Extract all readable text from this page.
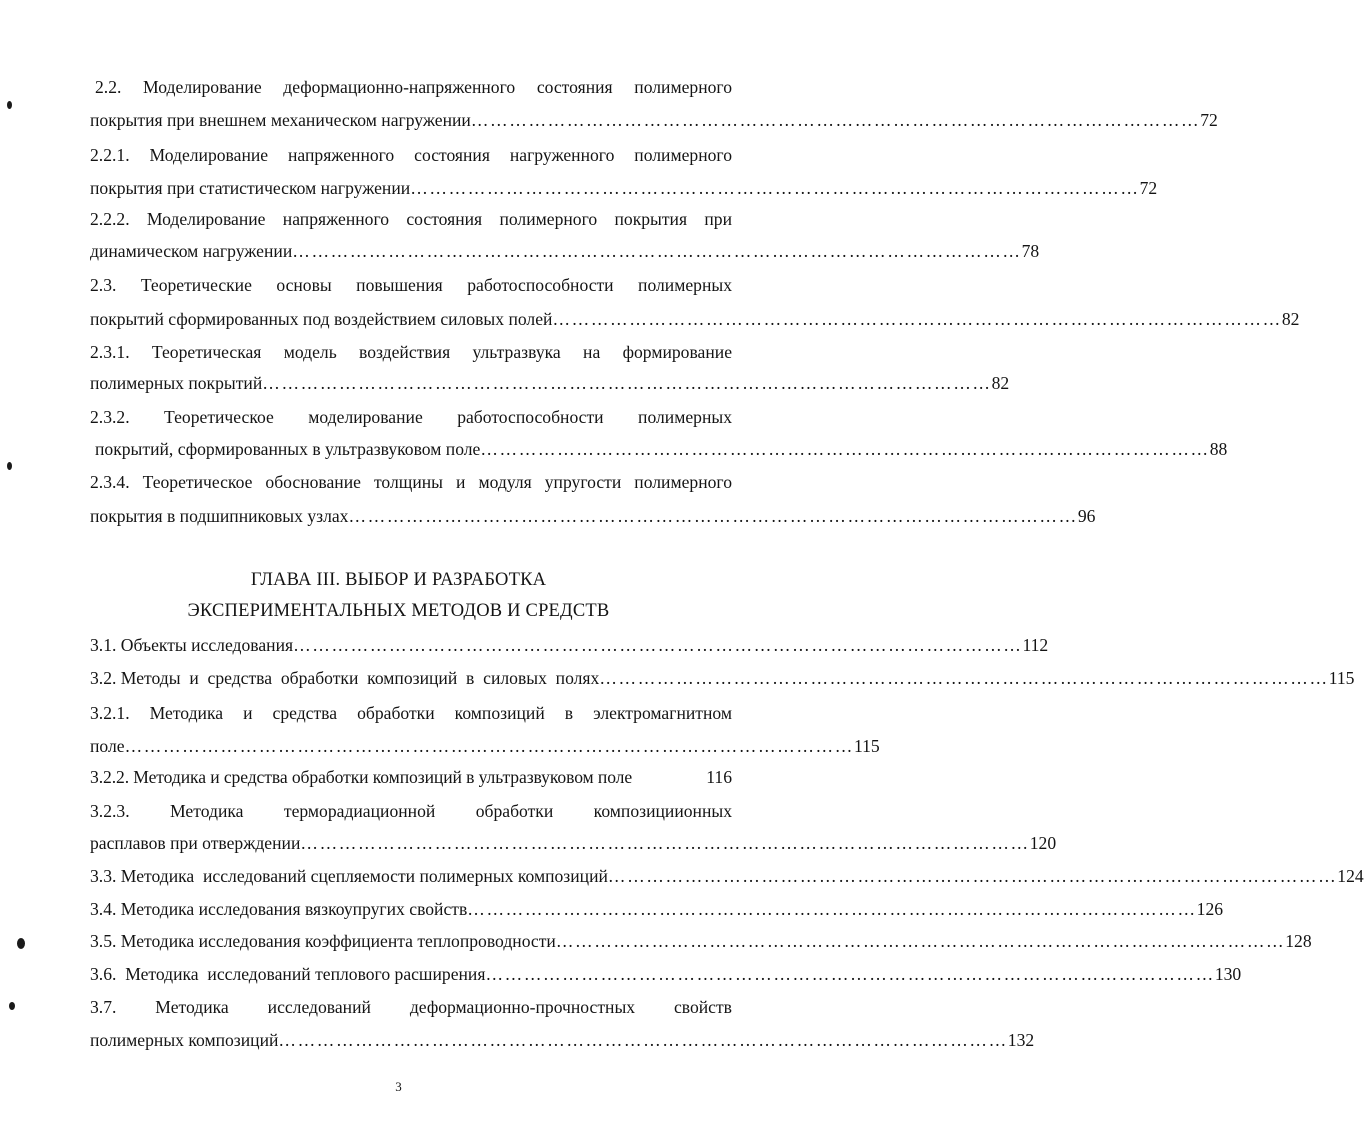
2.2. Моделирование деформационно-напряженного состояния полимерного
покрытия при внешнем механическом нагружении …………………………………………………………………………………………………… 72
2.2.1. Моделирование напряженного состояния нагруженного полимерного
покрытия при статистическом нагружении …………………………………………………………………………………………………… 72
2.2.2. Моделирование напряженного состояния полимерного покрытия при
динамическом нагружении …………………………………………………………………………………………………… 78
2.3. Теоретические основы повышения работоспособности полимерных
покрытий сформированных под воздействием силовых полей …………………………………………………………………………………………………… 82
2.3.1. Теоретическая модель воздействия ультразвука на формирование
полимерных покрытий …………………………………………………………………………………………………… 82
2.3.2. Теоретическое моделирование работоспособности полимерных
покрытий, сформированных в ультразвуковом поле …………………………………………………………………………………………………… 88
2.3.4. Теоретическое обоснование толщины и модуля упругости полимерного
покрытия в подшипниковых узлах …………………………………………………………………………………………………… 96
ГЛАВА III. ВЫБОР И РАЗРАБОТКА
ЭКСПЕРИМЕНТАЛЬНЫХ МЕТОДОВ И СРЕДСТВ
3.1. Объекты исследования …………………………………………………………………………………………………… 112
3.2. Методы  и  средства  обработки  композиций  в  силовых  полях …………………………………………………………………………………………………… 115
3.2.1. Методика и средства обработки композиций в электромагнитном
поле …………………………………………………………………………………………………… 115
3.2.2. Методика и средства обработки композиций в ультразвуковом поле	116
3.2.3. Методика терморадиационной обработки композициионных
расплавов при отверждении …………………………………………………………………………………………………… 120
3.3. Методика  исследований сцепляемости полимерных композиций …………………………………………………………………………………………………… 124
3.4. Методика исследования вязкоупругих свойств …………………………………………………………………………………………………… 126
3.5. Методика исследования коэффициента теплопроводности …………………………………………………………………………………………………… 128
3.6.  Методика  исследований теплового расширения …………………………………………………………………………………………………… 130
3.7. Методика исследований деформационно-прочностных свойств
полимерных композиций …………………………………………………………………………………………………… 132
3
